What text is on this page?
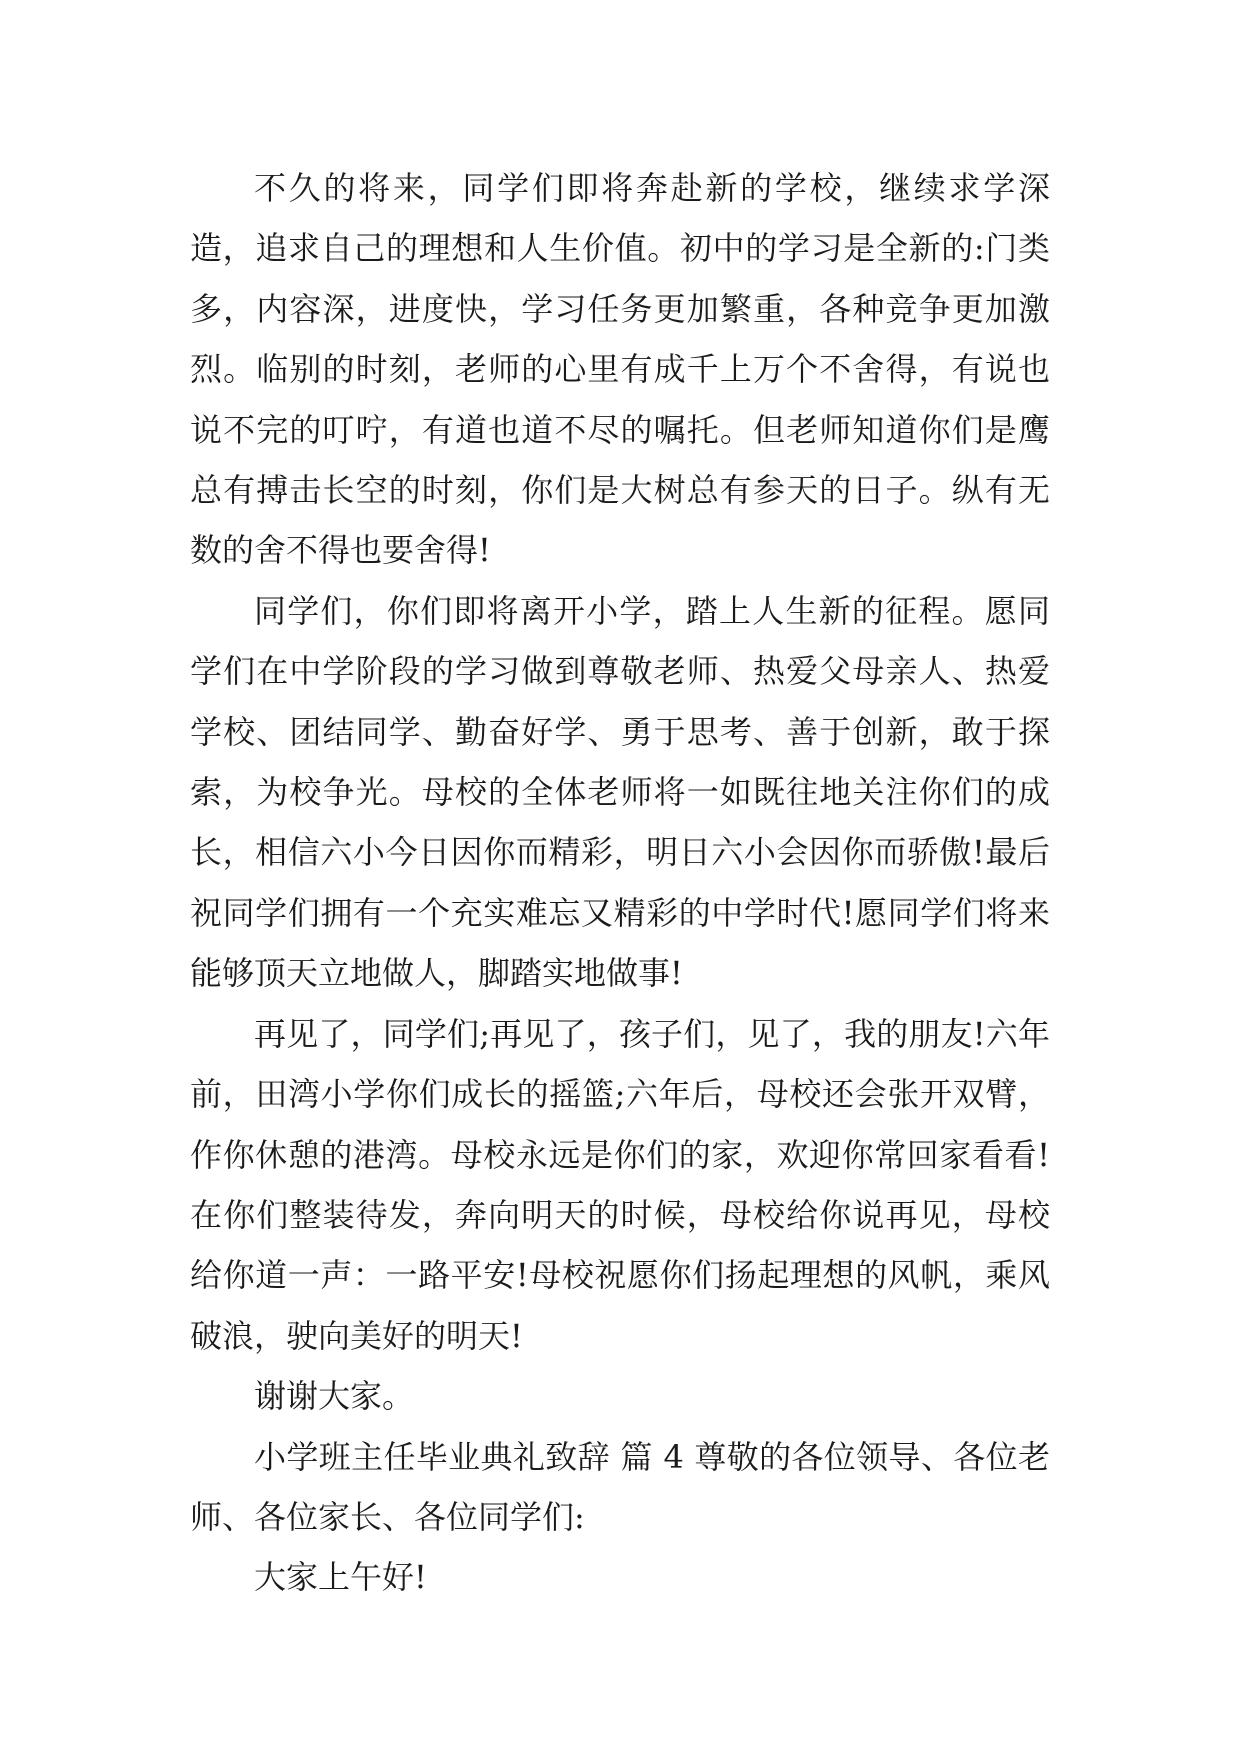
不久的将来，同学们即将奔赴新的学校，继续求学深造，追求自己的理想和人生价值。初中的学习是全新的:门类多，内容深，进度快，学习任务更加繁重，各种竞争更加激烈。临别的时刻，老师的心里有成千上万个不舍得，有说也说不完的叮咛，有道也道不尽的嘱托。但老师知道你们是鹰总有搏击长空的时刻，你们是大树总有参天的日子。纵有无数的舍不得也要舍得!

同学们，你们即将离开小学，踏上人生新的征程。愿同学们在中学阶段的学习做到尊敬老师、热爱父母亲人、热爱学校、团结同学、勤奋好学、勇于思考、善于创新，敢于探索，为校争光。母校的全体老师将一如既往地关注你们的成长，相信六小今日因你而精彩，明日六小会因你而骄傲!最后祝同学们拥有一个充实难忘又精彩的中学时代!愿同学们将来能够顶天立地做人，脚踏实地做事!

再见了，同学们;再见了，孩子们，见了，我的朋友!六年前，田湾小学你们成长的摇篮;六年后，母校还会张开双臂，作你休憩的港湾。母校永远是你们的家，欢迎你常回家看看!在你们整装待发，奔向明天的时候，母校给你说再见，母校给你道一声：一路平安!母校祝愿你们扬起理想的风帆，乘风破浪，驶向美好的明天!

谢谢大家。

小学班主任毕业典礼致辞 篇 4 尊敬的各位领导、各位老师、各位家长、各位同学们:

大家上午好!
